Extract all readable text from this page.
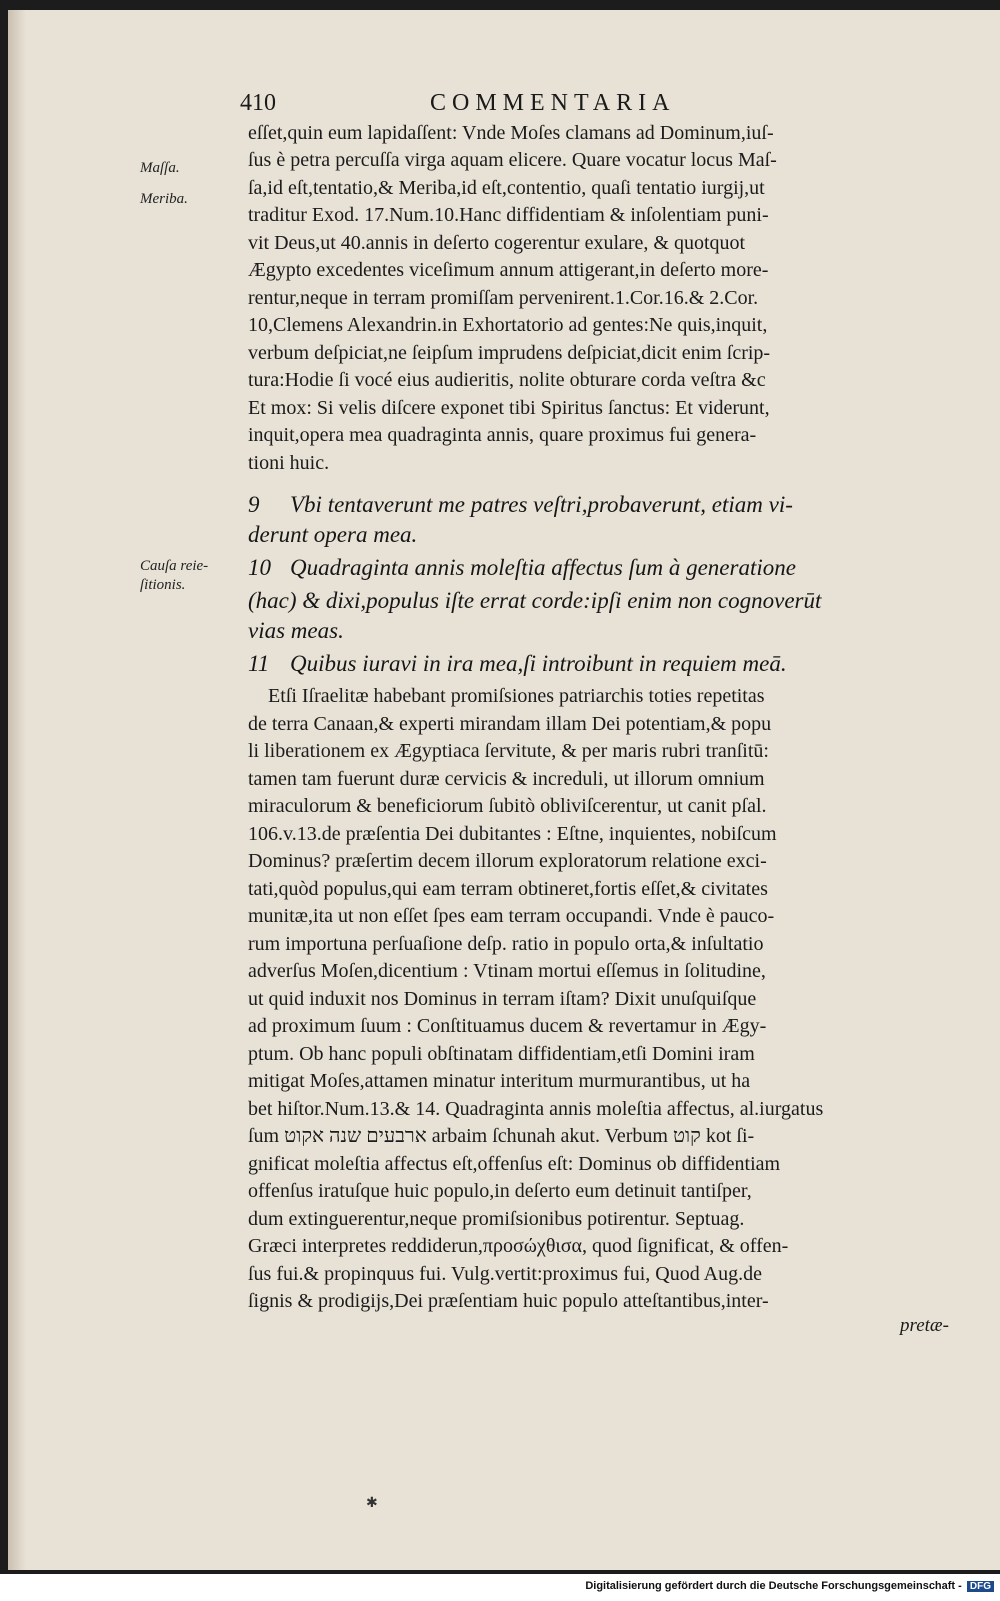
410	COMMENTARIA
Maſſa.
Meriba.
Cauſa reie-
ſitionis.
eſſet,quin eum lapidaſſent: Vnde Moſes clamans ad Dominum,iuſ-
ſus è petra percuſſa virga aquam elicere. Quare vocatur locus Maſ-
ſa,id eſt,tentatio,& Meriba,id eſt,contentio, quaſi tentatio iurgij,ut
traditur Exod. 17.Num.10.Hanc diffidentiam & inſolentiam puni-
vit Deus,ut 40.annis in deſerto cogerentur exulare, & quotquot
Ægypto excedentes viceſimum annum attigerant,in deſerto more-
rentur,neque in terram promiſſam pervenirent.1.Cor.16.& 2.Cor.
10,Clemens Alexandrin.in Exhortatorio ad gentes:Ne quis,inquit,
verbum deſpiciat,ne ſeipſum imprudens deſpiciat,dicit enim ſcrip-
tura:Hodie ſi vocé eius audieritis, nolite obturare corda veſtra &c
Et mox: Si velis diſcere exponet tibi Spiritus ſanctus: Et viderunt,
inquit,opera mea quadraginta annis, quare proximus fui genera-
tioni huic.
9 Vbi tentaverunt me patres veſtri,probaverunt, etiam vi-
derunt opera mea.
10 Quadraginta annis moleſtia affectus ſum à generatione
(hac) & dixi,populus iſte errat corde:ipſi enim non cognoverūt
vias meas.
11 Quibus iuravi in ira mea,ſi introibunt in requiem meā.
Etſi Iſraelitæ habebant promiſsiones patriarchis toties repetitas
de terra Canaan,& experti mirandam illam Dei potentiam,& popu
li liberationem ex Ægyptiaca ſervitute, & per maris rubri tranſitū:
tamen tam fuerunt duræ cervicis & increduli, ut illorum omnium
miraculorum & beneficiorum ſubitò obliviſcerentur, ut canit pſal.
106.v.13.de præſentia Dei dubitantes : Eſtne, inquientes, nobiſcum
Dominus? præſertim decem illorum exploratorum relatione exci-
tati,quòd populus,qui eam terram obtineret,fortis eſſet,& civitates
munitæ,ita ut non eſſet ſpes eam terram occupandi. Vnde è pauco-
rum importuna perſuaſione deſp. ratio in populo orta,& inſultatio
adverſus Moſen,dicentium : Vtinam mortui eſſemus in ſolitudine,
ut quid induxit nos Dominus in terram iſtam? Dixit unuſquiſque
ad proximum ſuum : Conſtituamus ducem & revertamur in Ægy-
ptum. Ob hanc populi obſtinatam diffidentiam,etſi Domini iram
mitigat Moſes,attamen minatur interitum murmurantibus, ut ha
bet hiſtor.Num.13.& 14. Quadraginta annis moleſtia affectus, al.iurgatus
ſum ארבעים שנה אקוט arbaim ſchunah akut. Verbum קוט kot ſi-
gnificat moleſtia affectus eſt,offenſus eſt: Dominus ob diffidentiam
offenſus iratuſque huic populo,in deſerto eum detinuit tantiſper,
dum extinguerentur,neque promiſsionibus potirentur. Septuag.
Græci interpretes reddiderun,προσώχθισα, quod ſignificat, & offen-
ſus fui.& propinquus fui. Vulg.vertit:proximus fui, Quod Aug.de
ſignis & prodigijs,Dei præſentiam huic populo atteſtantibus,inter-
pretæ-
✱
Digitalisierung gefördert durch die Deutsche Forschungsgemeinschaft - DFG
